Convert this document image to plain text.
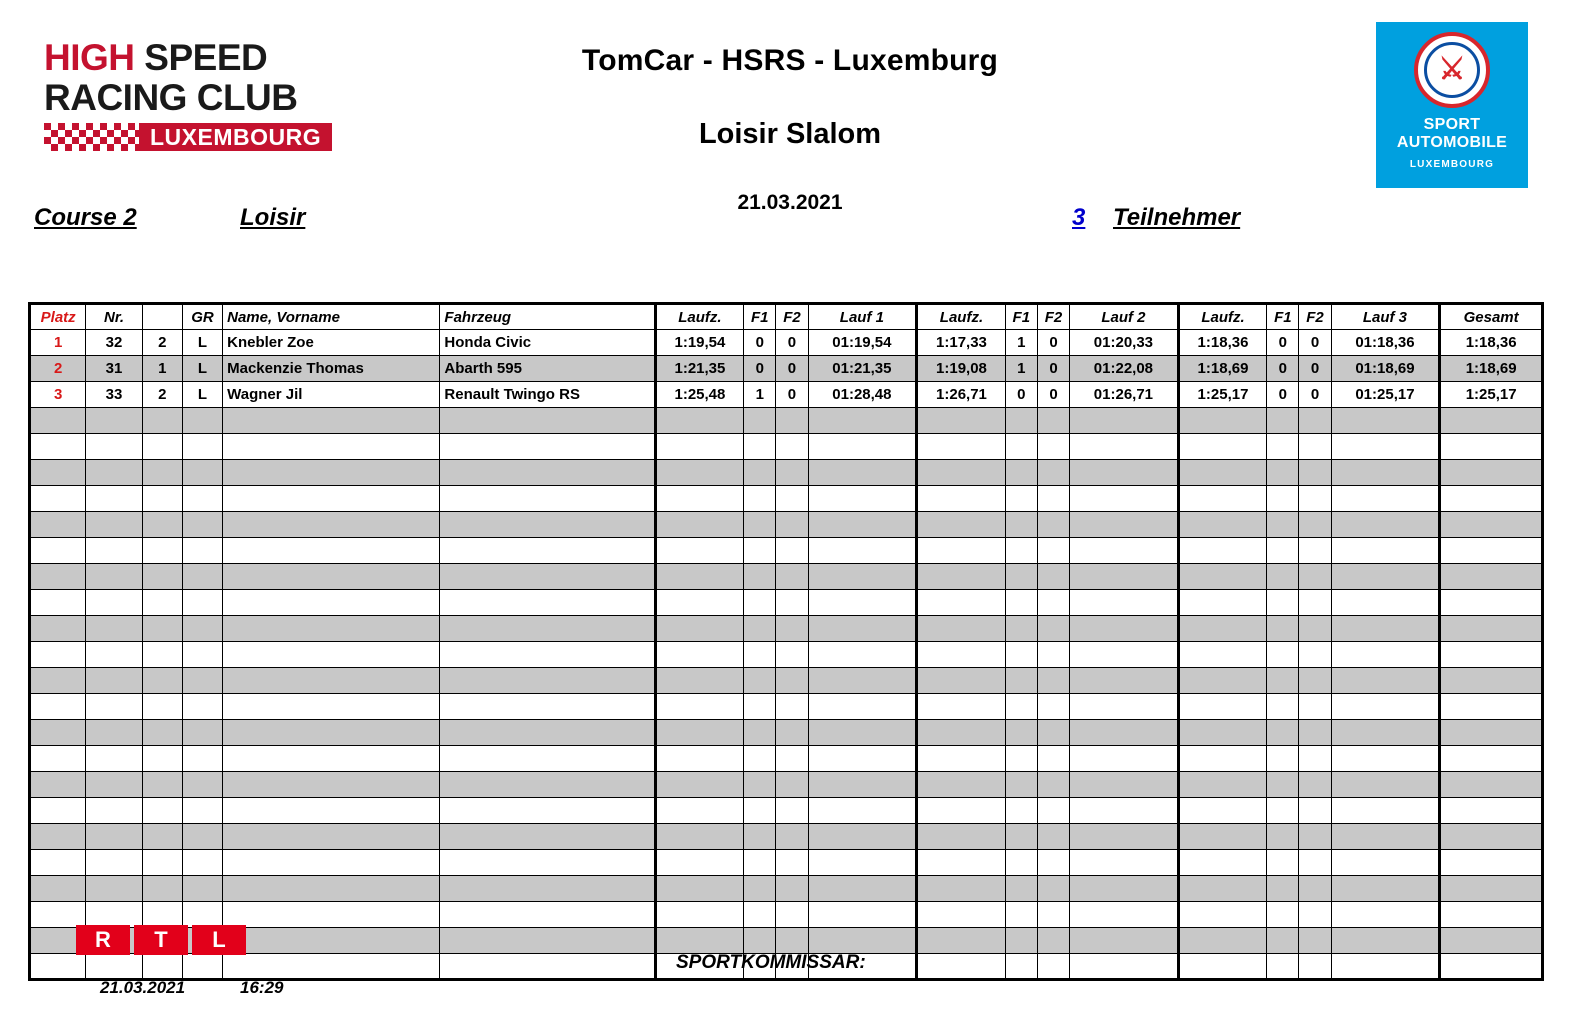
HIGH SPEED
RACING CLUB
LUXEMBOURG
TomCar - HSRS - Luxemburg
Loisir Slalom
21.03.2021
⚔
SPORT
AUTOMOBILE
LUXEMBOURG
Course 2	Loisir	3 Teilnehmer
Platz	Nr.		GR	Name, Vorname	Fahrzeug	Laufz.	F1	F2	Lauf 1	Laufz.	F1	F2	Lauf 2	Laufz.	F1	F2	Lauf 3	Gesamt
1	32	2	L	Knebler Zoe	Honda Civic	1:19,54	0	0	01:19,54	1:17,33	1	0	01:20,33	1:18,36	0	0	01:18,36	1:18,36
2	31	1	L	Mackenzie Thomas	Abarth 595	1:21,35	0	0	01:21,35	1:19,08	1	0	01:22,08	1:18,69	0	0	01:18,69	1:18,69
3	33	2	L	Wagner Jil	Renault Twingo RS	1:25,48	1	0	01:28,48	1:26,71	0	0	01:26,71	1:25,17	0	0	01:25,17	1:25,17

R	T	L
21.03.2021	16:29
SPORTKOMMISSAR:
